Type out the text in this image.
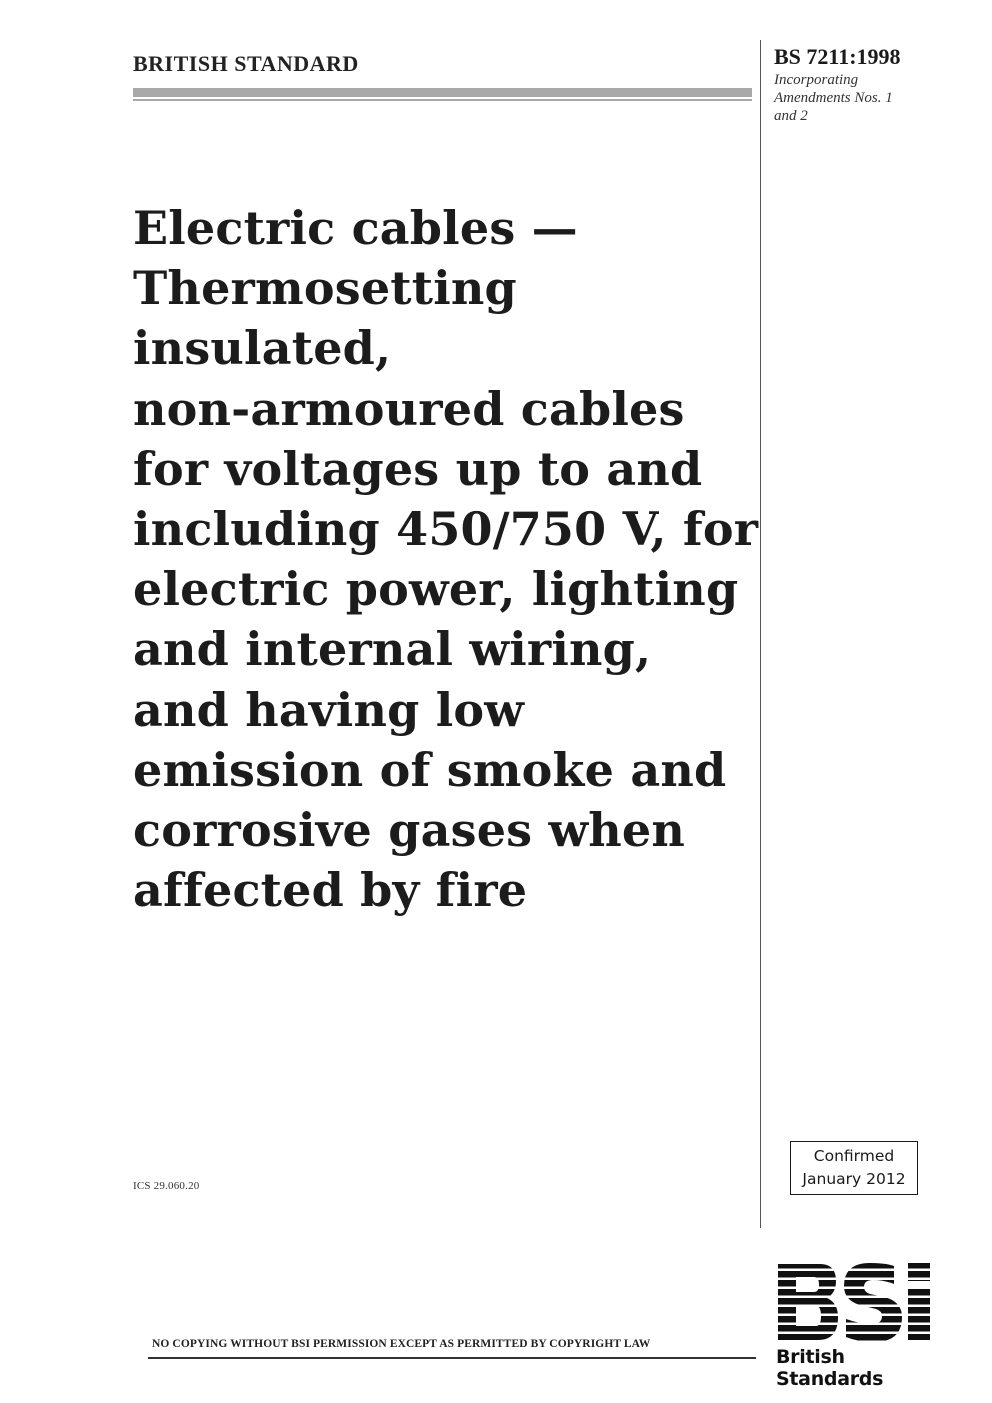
BRITISH STANDARD	BS 7211:1998
Incorporating
Amendments Nos. 1
and 2
Electric cables —
Thermosetting
insulated,
non-armoured cables
for voltages up to and
including 450/750 V, for
electric power, lighting
and internal wiring,
and having low
emission of smoke and
corrosive gases when
affected by fire
ICS 29.060.20
Confirmed
January 2012
British Standards
NO COPYING WITHOUT BSI PERMISSION EXCEPT AS PERMITTED BY COPYRIGHT LAW
